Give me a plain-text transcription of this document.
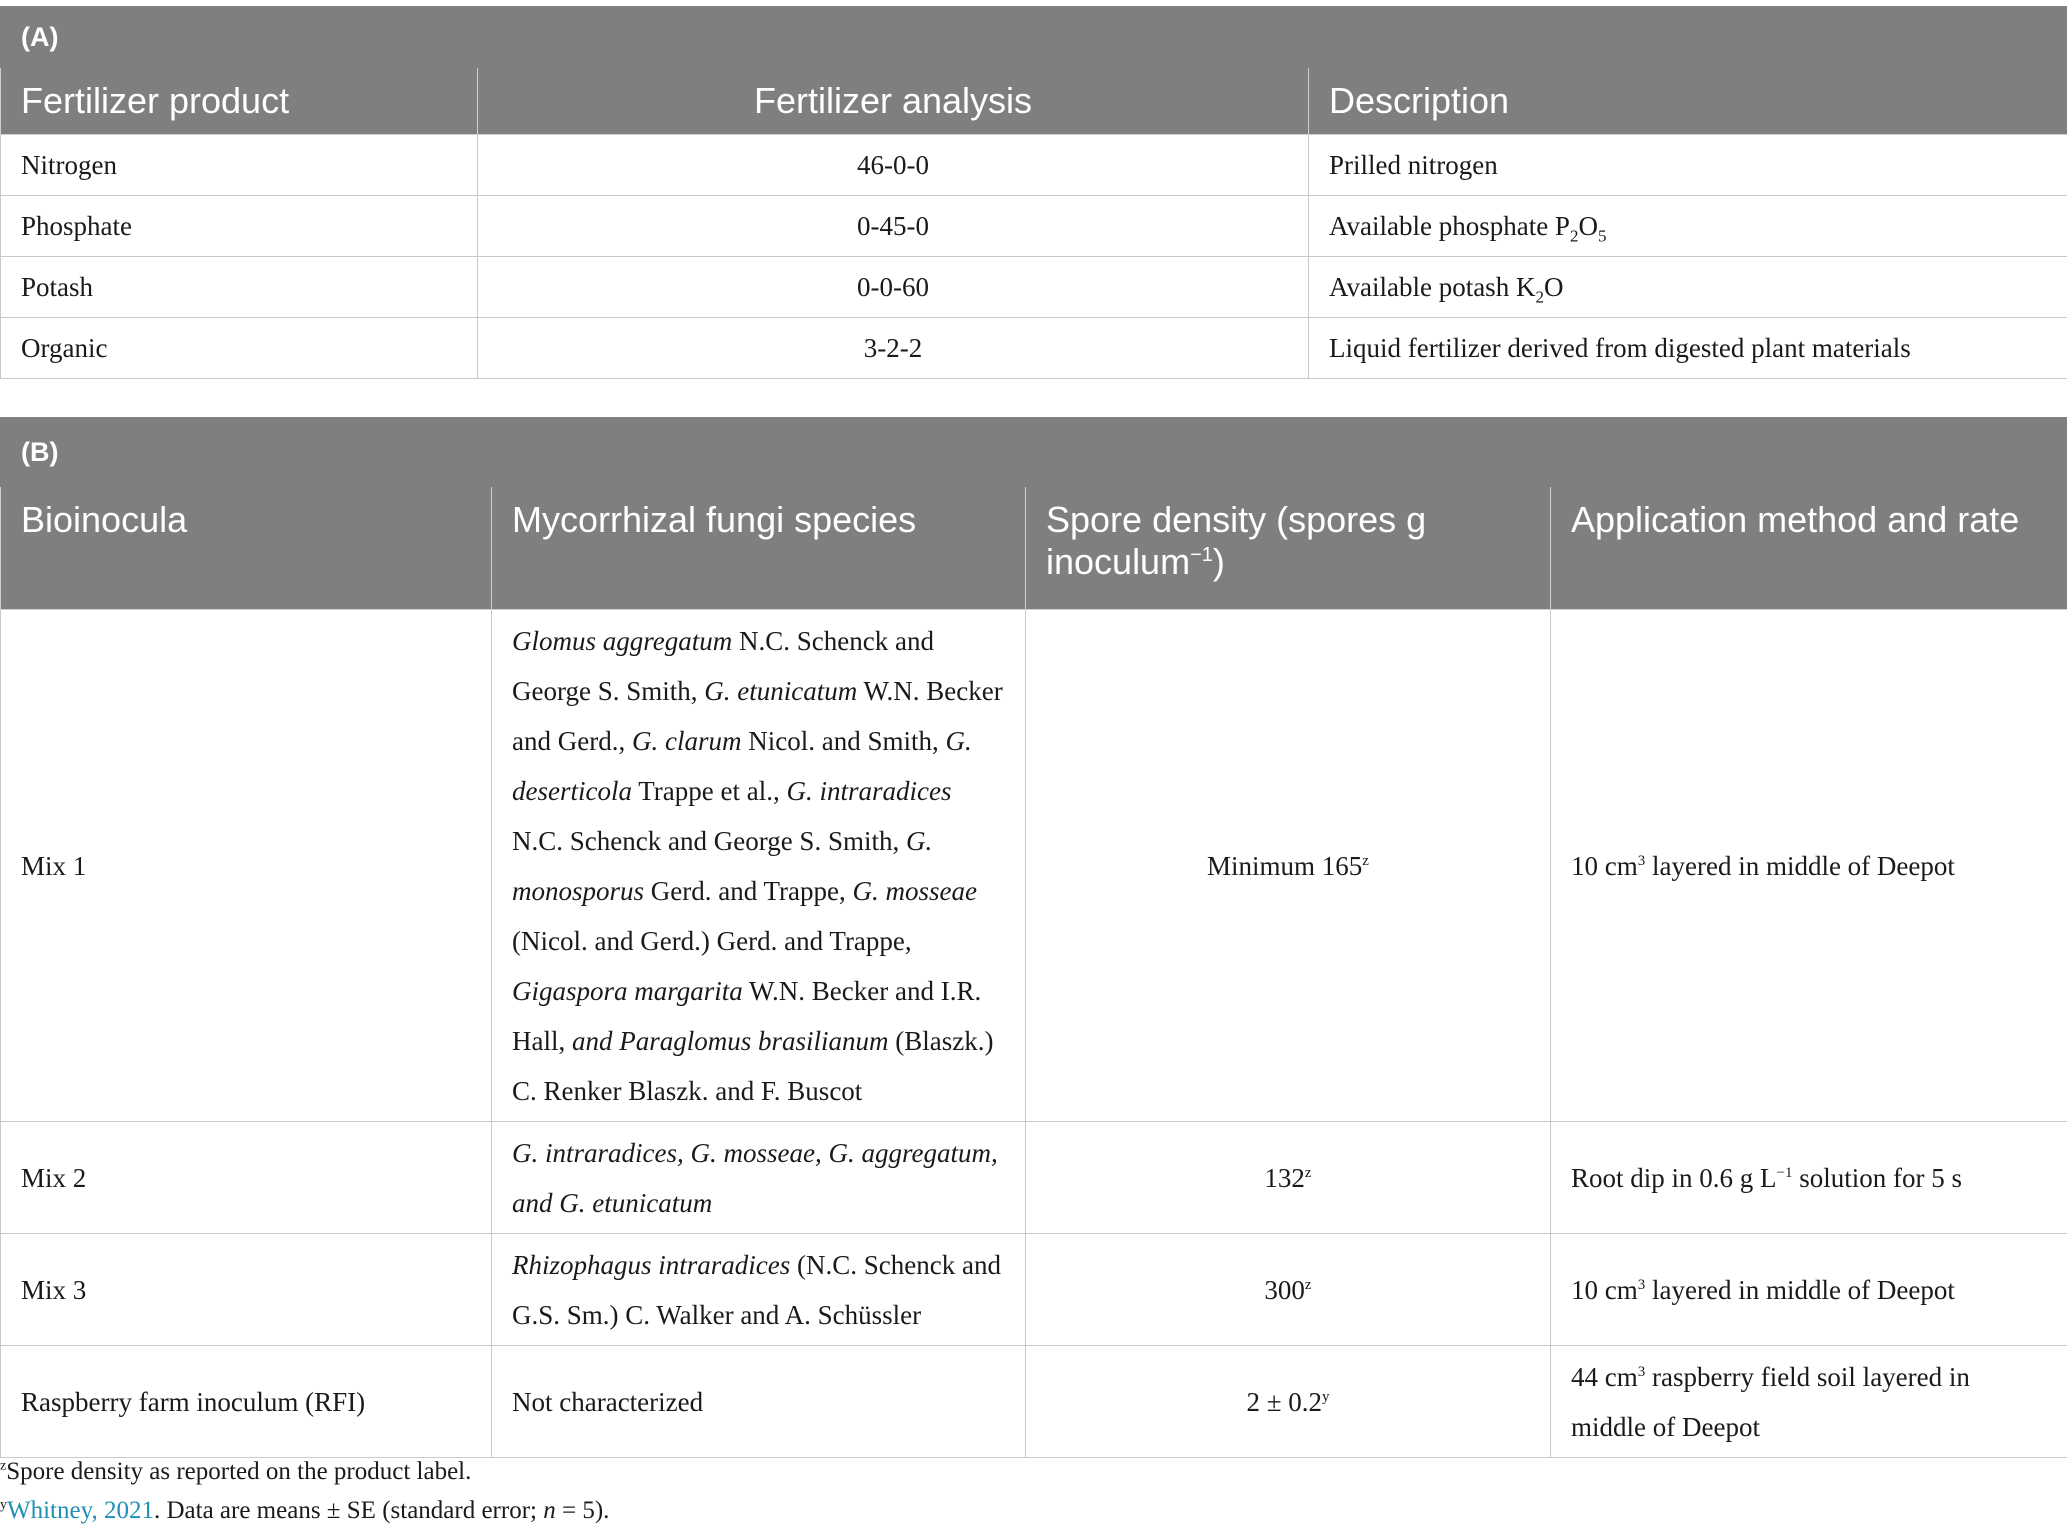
(A)		
Fertilizer product	Fertilizer analysis	Description
Nitrogen	46-0-0	Prilled nitrogen
Phosphate	0-45-0	Available phosphate $P_2O_5$
Potash	0-0-60	Available potash $K_2O$
Organic	3-2-2	Liquid fertilizer derived from digested plant materials
(B)			
Bioinocula	Mycorrhizal fungi species	Spore density (spores g inoculum$^{-1}$)	Application method and rate
Mix 1	Glomus aggregatum N.C. Schenck and George S. Smith, G. etunicatum W.N. Becker and Gerd., G. clarum Nicol. and Smith, G. deserticola Trappe et al., G. intraradices N.C. Schenck and George S. Smith, G. monosporus Gerd. and Trappe, G. mosseae (Nicol. and Gerd.) Gerd. and Trappe, Gigaspora margarita W.N. Becker and I.R. Hall, and Paraglomus brasilianum (Blaszk.) C. Renker Blaszk. and F. Buscot	Minimum 165$^z$	10 $cm^3$ layered in middle of Deepot
Mix 2	G. intraradices, G. mosseae, G. aggregatum, and G. etunicatum	132$^z$	Root dip in 0.6 g $L^{-1}$ solution for 5 s
Mix 3	Rhizophagus intraradices (N.C. Schenck and G.S. Sm.) C. Walker and A. Schüssler	300$^z$	10 $cm^3$ layered in middle of Deepot
Raspberry farm inoculum (RFI)	Not characterized	$2 \pm 0.2^y$	44 $cm^3$ raspberry field soil layered in middle of Deepot
$^z$Spore density as reported on the product label.
$^y$Whitney, 2021. Data are means ± SE (standard error; n = 5).
